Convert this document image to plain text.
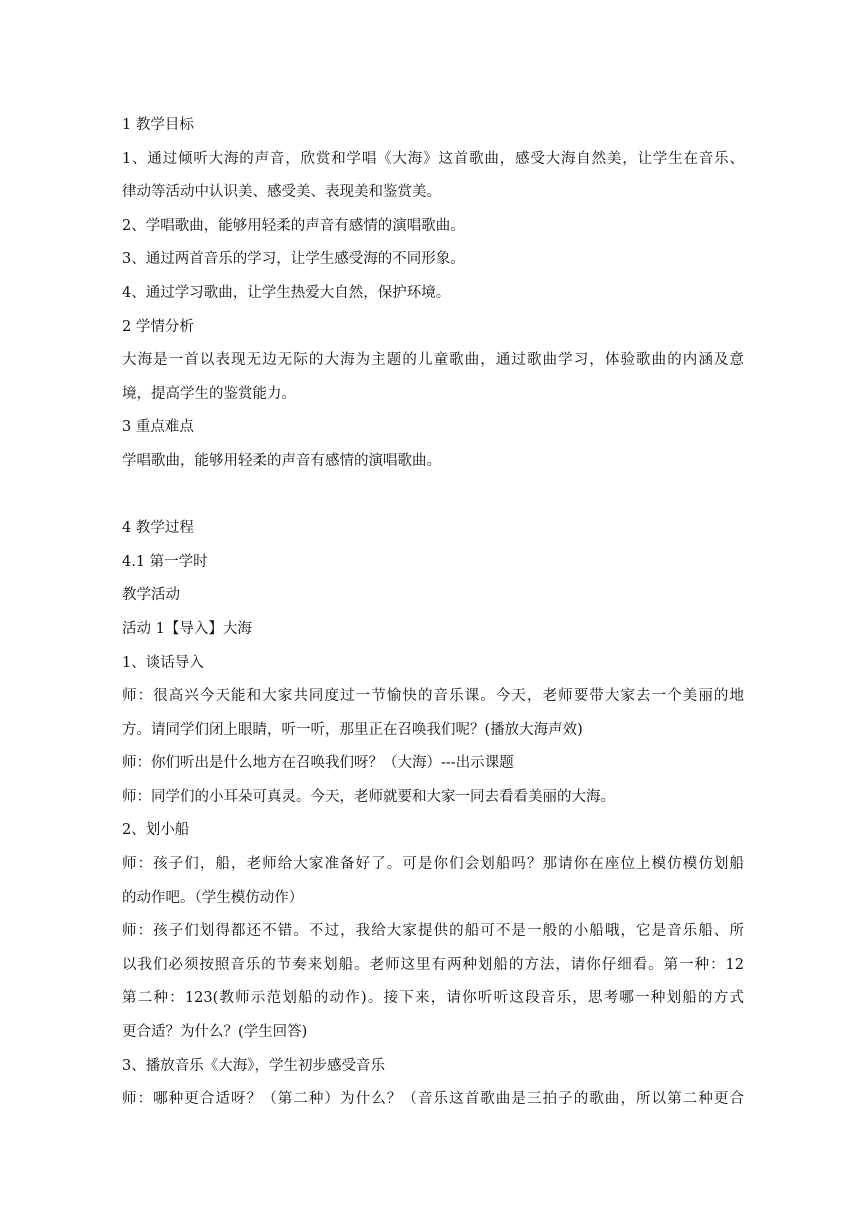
1 教学目标
1、通过倾听大海的声音，欣赏和学唱《大海》这首歌曲，感受大海自然美，让学生在音乐、
律动等活动中认识美、感受美、表现美和鉴赏美。
2、学唱歌曲，能够用轻柔的声音有感情的演唱歌曲。
3、通过两首音乐的学习，让学生感受海的不同形象。
4、通过学习歌曲，让学生热爱大自然，保护环境。
2 学情分析
大海是一首以表现无边无际的大海为主题的儿童歌曲，通过歌曲学习，体验歌曲的内涵及意
境，提高学生的鉴赏能力。
3 重点难点
学唱歌曲，能够用轻柔的声音有感情的演唱歌曲。
4 教学过程
4.1 第一学时
教学活动
活动 1【导入】大海
1、谈话导入
师：很高兴今天能和大家共同度过一节愉快的音乐课。今天，老师要带大家去一个美丽的地
方。请同学们闭上眼睛，听一听，那里正在召唤我们呢？(播放大海声效)
师：你们听出是什么地方在召唤我们呀？（大海）---出示课题
师：同学们的小耳朵可真灵。今天，老师就要和大家一同去看看美丽的大海。
2、划小船
师：孩子们，船，老师给大家准备好了。可是你们会划船吗？那请你在座位上模仿模仿划船
的动作吧。（学生模仿动作）
师：孩子们划得都还不错。不过，我给大家提供的船可不是一般的小船哦，它是音乐船、所
以我们必须按照音乐的节奏来划船。老师这里有两种划船的方法，请你仔细看。第一种：12
第二种：123(教师示范划船的动作)。接下来，请你听听这段音乐，思考哪一种划船的方式
更合适？为什么？(学生回答)
3、播放音乐《大海》，学生初步感受音乐
师：哪种更合适呀？（第二种）为什么？（音乐这首歌曲是三拍子的歌曲，所以第二种更合
